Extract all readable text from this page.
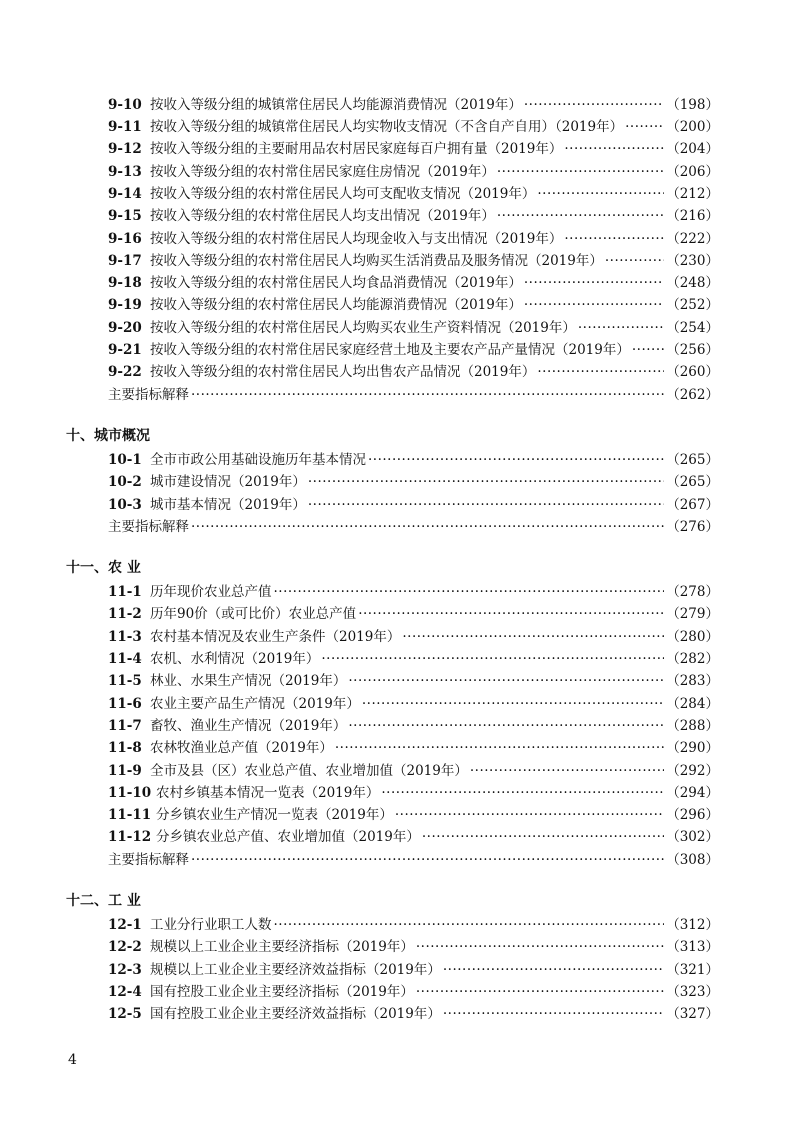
9-10 按收入等级分组的城镇常住居民人均能源消费情况（2019年） ·····	（198）
9-11 按收入等级分组的城镇常住居民人均实物收支情况（不含自产自用）（2019年） ·····	（200）
9-12 按收入等级分组的主要耐用品农村居民家庭每百户拥有量（2019年） ·····	（204）
9-13 按收入等级分组的农村常住居民家庭住房情况（2019年） ·····	（206）
9-14 按收入等级分组的农村常住居民人均可支配收支情况（2019年） ·····	（212）
9-15 按收入等级分组的农村常住居民人均支出情况（2019年） ·····	（216）
9-16 按收入等级分组的农村常住居民人均现金收入与支出情况（2019年） ·····	（222）
9-17 按收入等级分组的农村常住居民人均购买生活消费品及服务情况（2019年） ·····	（230）
9-18 按收入等级分组的农村常住居民人均食品消费情况（2019年） ·····	（248）
9-19 按收入等级分组的农村常住居民人均能源消费情况（2019年） ·····	（252）
9-20 按收入等级分组的农村常住居民人均购买农业生产资料情况（2019年） ·····	（254）
9-21 按收入等级分组的农村常住居民家庭经营土地及主要农产品产量情况（2019年） ·····	（256）
9-22 按收入等级分组的农村常住居民人均出售农产品情况（2019年） ·····	（260）
主要指标解释 ·····	（262）
十、城市概况
10-1 全市市政公用基础设施历年基本情况 ·····	（265）
10-2 城市建设情况（2019年） ·····	（265）
10-3 城市基本情况（2019年） ·····	（267）
主要指标解释 ·····	（276）
十一、农 业
11-1 历年现价农业总产值 ·····	（278）
11-2 历年90价（或可比价）农业总产值 ·····	（279）
11-3 农村基本情况及农业生产条件（2019年） ·····	（280）
11-4 农机、水利情况（2019年） ·····	（282）
11-5 林业、水果生产情况（2019年） ·····	（283）
11-6 农业主要产品生产情况（2019年） ·····	（284）
11-7 畜牧、渔业生产情况（2019年） ·····	（288）
11-8 农林牧渔业总产值（2019年） ·····	（290）
11-9 全市及县（区）农业总产值、农业增加值（2019年） ·····	（292）
11-10 农村乡镇基本情况一览表（2019年） ·····	（294）
11-11 分乡镇农业生产情况一览表（2019年） ·····	（296）
11-12 分乡镇农业总产值、农业增加值（2019年） ·····	（302）
主要指标解释 ·····	（308）
十二、工 业
12-1 工业分行业职工人数 ·····	（312）
12-2 规模以上工业企业主要经济指标（2019年） ·····	（313）
12-3 规模以上工业企业主要经济效益指标（2019年） ·····	（321）
12-4 国有控股工业企业主要经济指标（2019年） ·····	（323）
12-5 国有控股工业企业主要经济效益指标（2019年） ·····	（327）
4
